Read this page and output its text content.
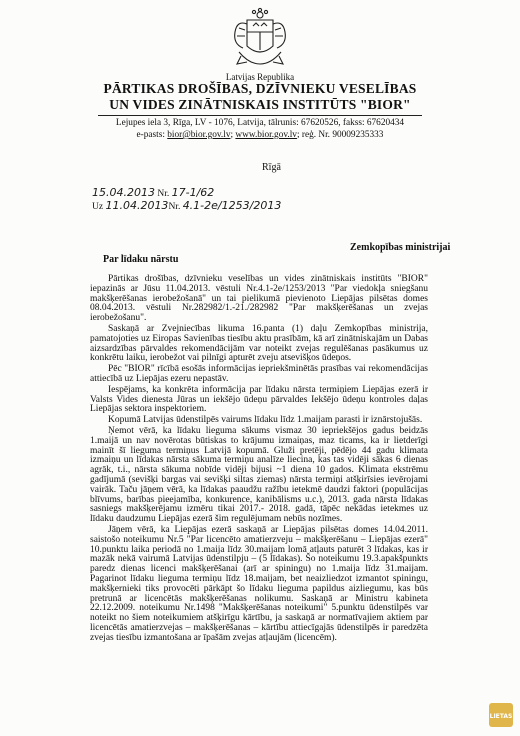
Latvijas Republika
PĀRTIKAS DROŠĪBAS, DZĪVNIEKU VESELĪBAS
UN VIDES ZINĀTNISKAIS INSTITŪTS "BIOR"
Lejupes iela 3, Rīga, LV - 1076, Latvija, tālrunis: 67620526, fakss: 67620434
e-pasts: bior@bior.gov.lv; www.bior.gov.lv; reģ. Nr. 90009235333
Rīgā
15.04.2013 Nr. 17-1/62
Uz 11.04.2013Nr. 4.1-2e/1253/2013
Zemkopības ministrijai
Par līdaku nārstu

Pārtikas drošības, dzīvnieku veselības un vides zinātniskais institūts "BIOR" iepazinās ar Jūsu 11.04.2013. vēstuli Nr.4.1-2e/1253/2013 "Par viedokļa sniegšanu makšķerēšanas ierobežošanā" un tai pielikumā pievienoto Liepājas pilsētas domes 08.04.2013. vēstuli Nr.282982/1.-21./282982 "Par makšķerēšanas un zvejas ierobežošanu".

Saskaņā ar Zvejniecības likuma 16.panta (1) daļu Zemkopības ministrija, pamatojoties uz Eiropas Savienības tiesību aktu prasībām, kā arī zinātniskajām un Dabas aizsardzības pārvaldes rekomendācijām var noteikt zvejas regulēšanas pasākumus uz konkrētu laiku, ierobežot vai pilnīgi apturēt zveju atsevišķos ūdeņos.

Pēc "BIOR" rīcībā esošās informācijas iepriekšminētās prasības vai rekomendācijas attiecībā uz Liepājas ezeru nepastāv.

Iespējams, ka konkrēta informācija par līdaku nārsta termiņiem Liepājas ezerā ir Valsts Vides dienesta Jūras un iekšējo ūdeņu pārvaldes Iekšējo ūdeņu kontroles daļas Liepājas sektora inspektoriem.

Kopumā Latvijas ūdenstilpēs vairums līdaku līdz 1.maijam parasti ir iznārstojušās.

Ņemot vērā, ka līdaku lieguma sākums vismaz 30 iepriekšējos gadus beidzās 1.maijā un nav novērotas būtiskas to krājumu izmaiņas, maz ticams, ka ir lietderīgi mainīt šī lieguma termiņus Latvijā kopumā. Gluži pretēji, pēdējo 44 gadu klimata izmaiņu un līdakas nārsta sākuma termiņu analīze liecina, kas tas vidēji sākas 6 dienas agrāk, t.i., nārsta sākuma nobīde vidēji bijusi ~1 diena 10 gados. Klimata ekstrēmu gadījumā (sevišķi bargas vai sevišķi siltas ziemas) nārsta termiņi atšķirīsies ievērojami vairāk. Taču jāņem vērā, ka līdakas paaudžu ražību ietekmē daudzi faktori (populācijas blīvums, barības pieejamība, konkurence, kanibālisms u.c.), 2013. gada nārsta līdakas sasniegs makšķerējamu izmēru tikai 2017.- 2018. gadā, tāpēc nekādas ietekmes uz līdaku daudzumu Liepājas ezerā šim regulējumam nebūs nozīmes.

Jāņem vērā, ka Liepājas ezerā saskaņā ar Liepājas pilsētas domes 14.04.2011. saistošo noteikumu Nr.5 "Par licencēto amatierzveju – makšķerēšanu – Liepājas ezerā" 10.punktu laika periodā no 1.maija līdz 30.maijam lomā atļauts paturēt 3 līdakas, kas ir mazāk nekā vairumā Latvijas ūdenstilpju – (5 līdakas). Šo noteikumu 19.3.apakšpunkts paredz dienas licenci makšķerēšanai (arī ar spiningu) no 1.maija līdz 31.maijam. Pagarinot līdaku lieguma termiņu līdz 18.maijam, bet neaizliedzot izmantot spiningu, makšķernieki tiks provocēti pārkāpt šo līdaku lieguma papildus aizliegumu, kas būs pretrunā ar licencētās makšķerēšanas nolikumu. Saskaņā ar Ministru kabineta 22.12.2009. noteikumu Nr.1498 "Makšķerēšanas noteikumi" 5.punktu ūdenstilpēs var noteikt no šiem noteikumiem atšķirīgu kārtību, ja saskaņā ar normatīvajiem aktiem par licencētās amatierzvejas – makšķerēšanas – kārtību attiecīgajās ūdenstilpēs ir paredzēta zvejas tiesību izmantošana ar īpašām zvejas atļaujām (licencēm).

LIETAS
